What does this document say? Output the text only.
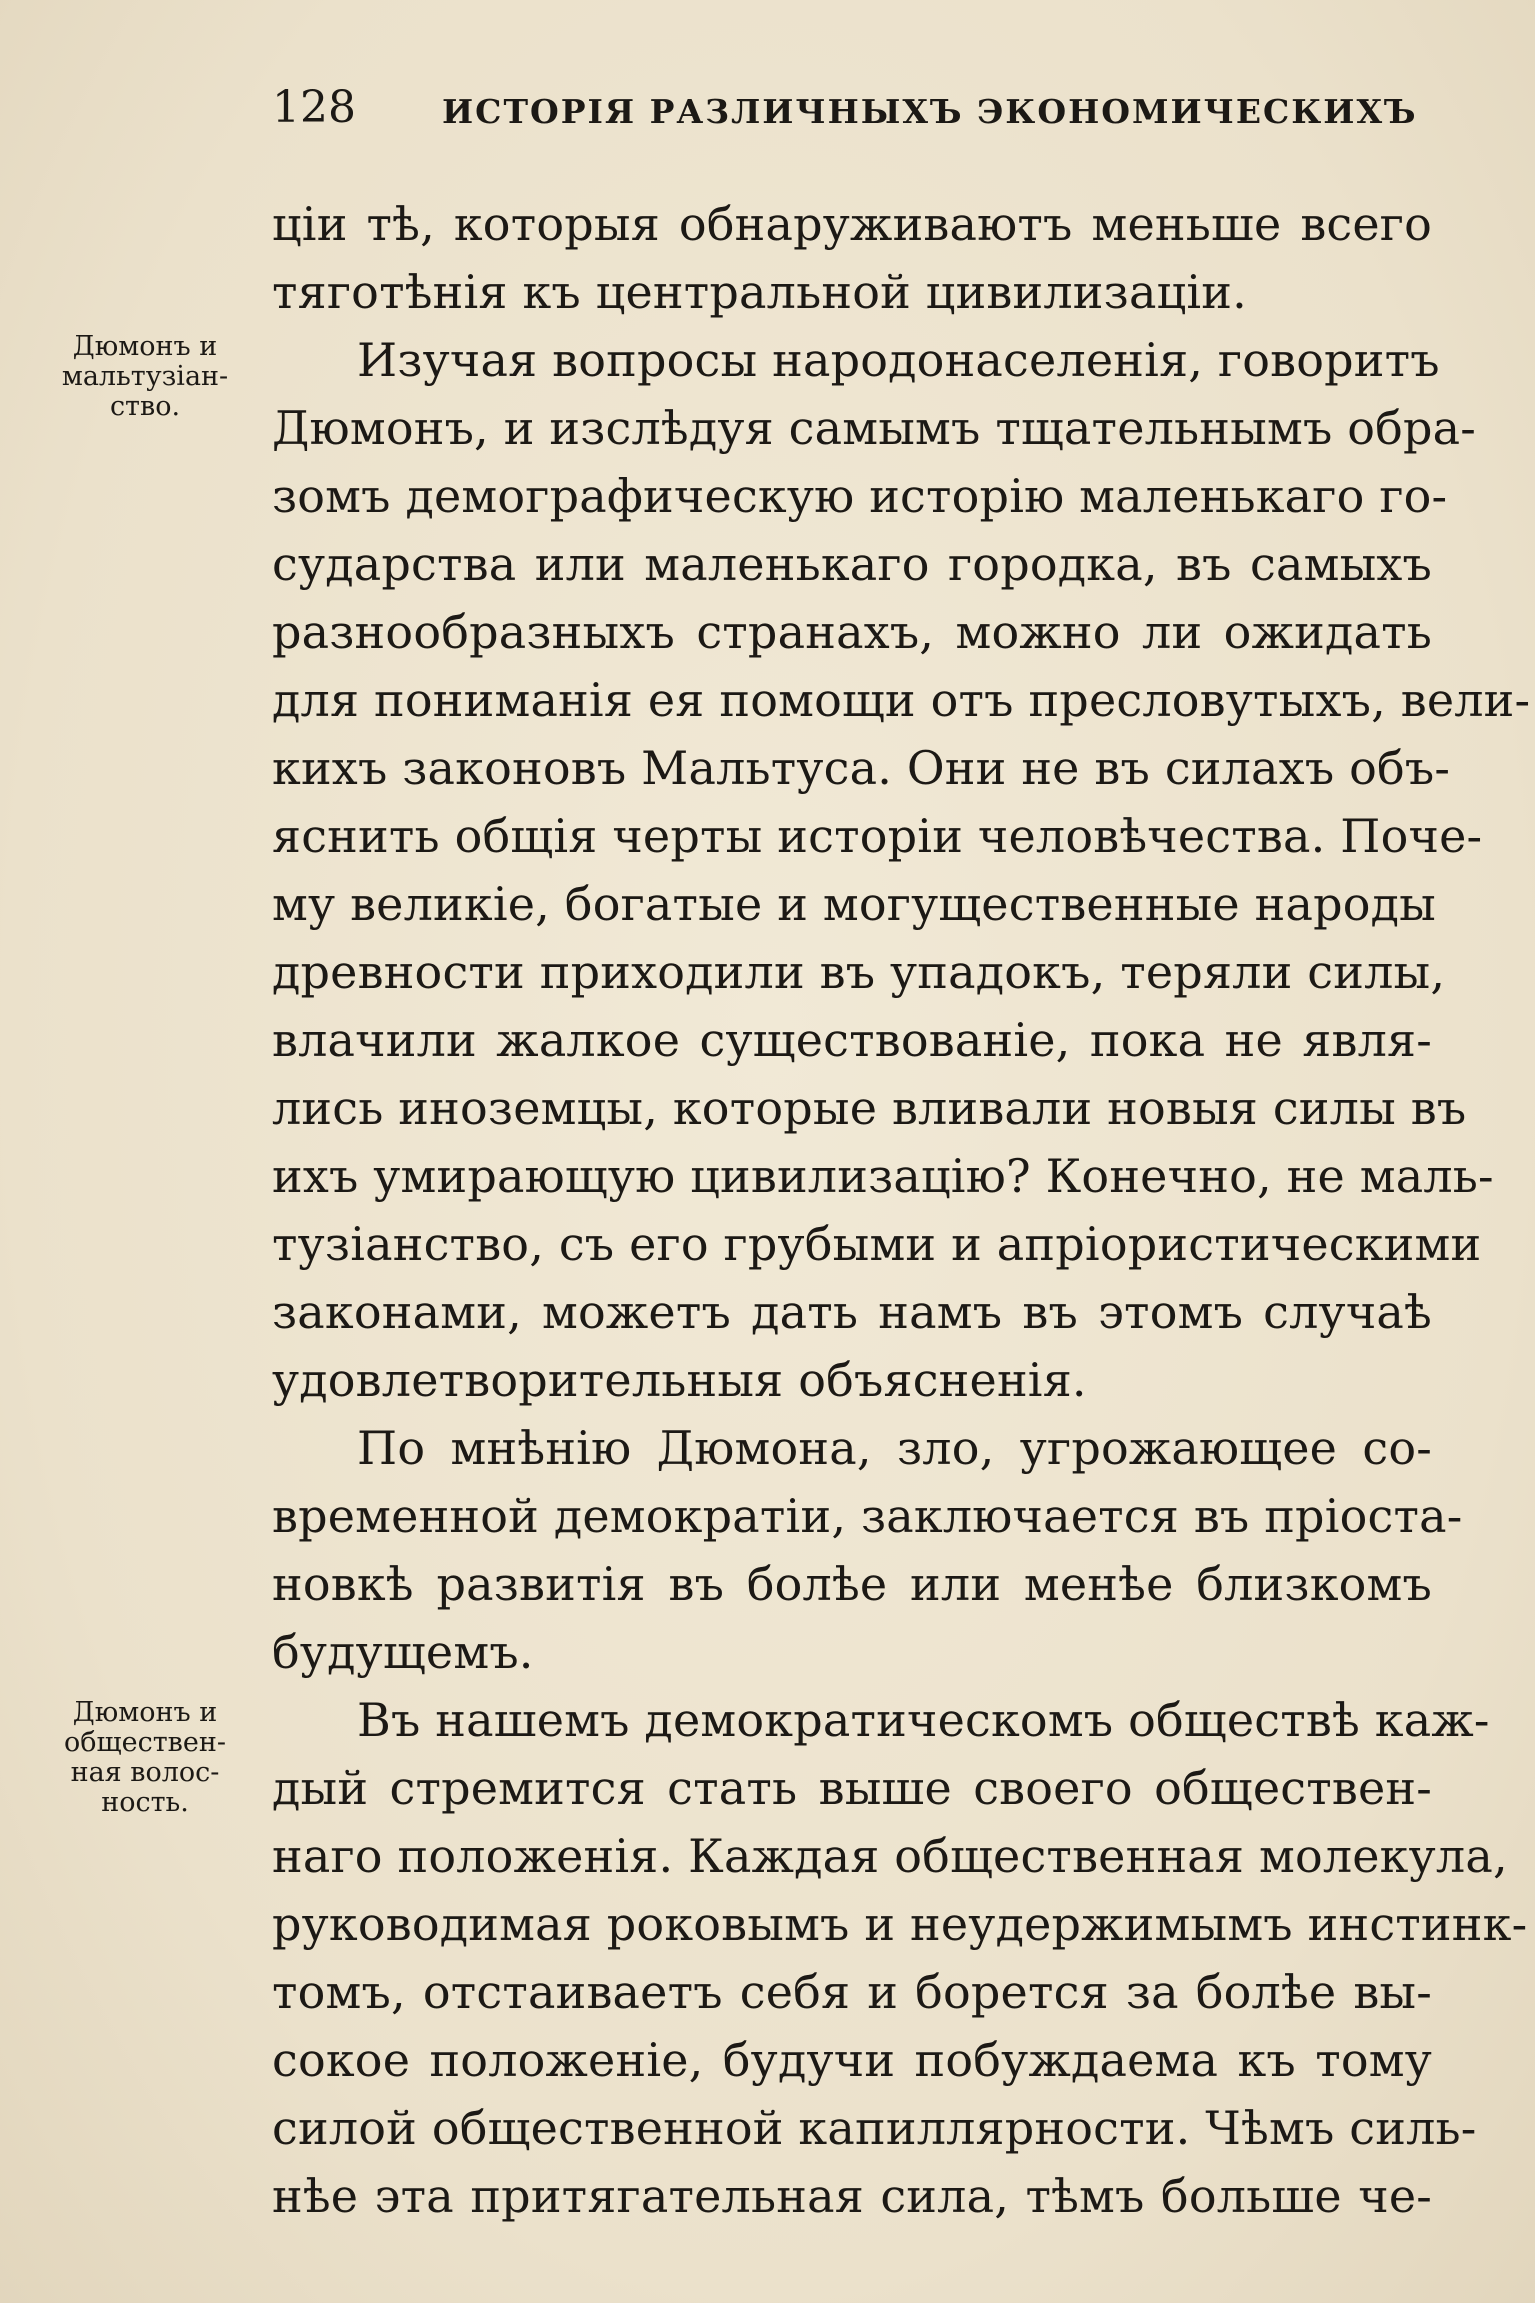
128	ИСТОРІЯ РАЗЛИЧНЫХЪ ЭКОНОМИЧЕСКИХЪ
Дюмонъ и
мальтузіан-
ство.
Дюмонъ и
обществен-
ная волос-
ность.
ціи тѣ, которыя обнаруживаютъ меньше всего
тяготѣнія къ центральной цивилизаціи.
Изучая вопросы народонаселенія, говоритъ
Дюмонъ, и изслѣдуя самымъ тщательнымъ обра-
зомъ демографическую исторію маленькаго го-
сударства или маленькаго городка, въ самыхъ
разнообразныхъ странахъ, можно ли ожидать
для пониманія ея помощи отъ пресловутыхъ, вели-
кихъ законовъ Мальтуса. Они не въ силахъ объ-
яснить общія черты исторіи человѣчества. Поче-
му великіе, богатые и могущественные народы
древности приходили въ упадокъ, теряли силы,
влачили жалкое существованіе, пока не явля-
лись иноземцы, которые вливали новыя силы въ
ихъ умирающую цивилизацію? Конечно, не маль-
тузіанство, съ его грубыми и апріористическими
законами, можетъ дать намъ въ этомъ случаѣ
удовлетворительныя объясненія.
По мнѣнію Дюмона, зло, угрожающее со-
временной демократіи, заключается въ пріоста-
новкѣ развитія въ болѣе или менѣе близкомъ
будущемъ.
Въ нашемъ демократическомъ обществѣ каж-
дый стремится стать выше своего обществен-
наго положенія. Каждая общественная молекула,
руководимая роковымъ и неудержимымъ инстинк-
томъ, отстаиваетъ себя и борется за болѣе вы-
сокое положеніе, будучи побуждаема къ тому
силой общественной капиллярности. Чѣмъ силь-
нѣе эта притягательная сила, тѣмъ больше че-
